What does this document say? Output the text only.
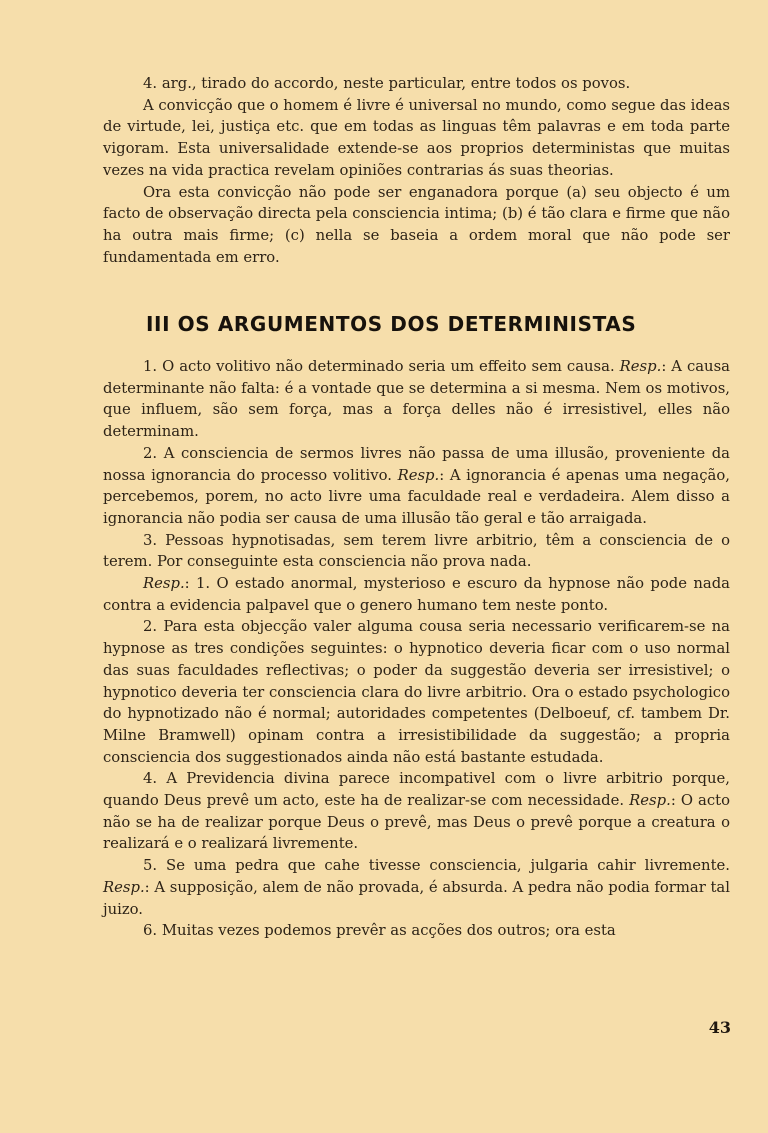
4. arg., tirado do accordo, neste particular, entre todos os povos.

A convicção que o homem é livre é universal no mundo, como segue das ideas de virtude, lei, justiça etc. que em todas as linguas têm palavras e em toda parte vigoram. Esta universalidade extende-se aos proprios deterministas que muitas vezes na vida practica revelam opiniões contrarias ás suas theorias.

Ora esta convicção não pode ser enganadora porque (a) seu objecto é um facto de observação directa pela consciencia intima; (b) é tão clara e firme que não ha outra mais firme; (c) nella se baseia a ordem moral que não pode ser fundamentada em erro.

III OS ARGUMENTOS DOS DETERMINISTAS

1. O acto volitivo não determinado seria um effeito sem causa. Resp.: A causa determinante não falta: é a vontade que se determina a si mesma. Nem os motivos, que influem, são sem força, mas a força delles não é irresistivel, elles não determinam.

2. A consciencia de sermos livres não passa de uma illusão, proveniente da nossa ignorancia do processo volitivo. Resp.: A ignorancia é apenas uma negação, percebemos, porem, no acto livre uma faculdade real e verdadeira. Alem disso a ignorancia não podia ser causa de uma illusão tão geral e tão arraigada.

3. Pessoas hypnotisadas, sem terem livre arbitrio, têm a consciencia de o terem. Por conseguinte esta consciencia não prova nada.

Resp.: 1. O estado anormal, mysterioso e escuro da hypnose não pode nada contra a evidencia palpavel que o genero humano tem neste ponto.

2. Para esta objecção valer alguma cousa seria necessario verificarem-se na hypnose as tres condições seguintes: o hypnotico deveria ficar com o uso normal das suas faculdades reflectivas; o poder da suggestão deveria ser irresistivel; o hypnotico deveria ter consciencia clara do livre arbitrio. Ora o estado psychologico do hypnotizado não é normal; autoridades competentes (Delboeuf, cf. tambem Dr. Milne Bramwell) opinam contra a irresistibilidade da suggestão; a propria consciencia dos suggestionados ainda não está bastante estudada.

4. A Previdencia divina parece incompativel com o livre arbitrio porque, quando Deus prevê um acto, este ha de realizar-se com necessidade. Resp.: O acto não se ha de realizar porque Deus o prevê, mas Deus o prevê porque a creatura o realizará e o realizará livremente.

5. Se uma pedra que cahe tivesse consciencia, julgaria cahir livremente. Resp.: A supposição, alem de não provada, é absurda. A pedra não podia formar tal juizo.

6. Muitas vezes podemos prevêr as acções dos outros; ora esta

43
